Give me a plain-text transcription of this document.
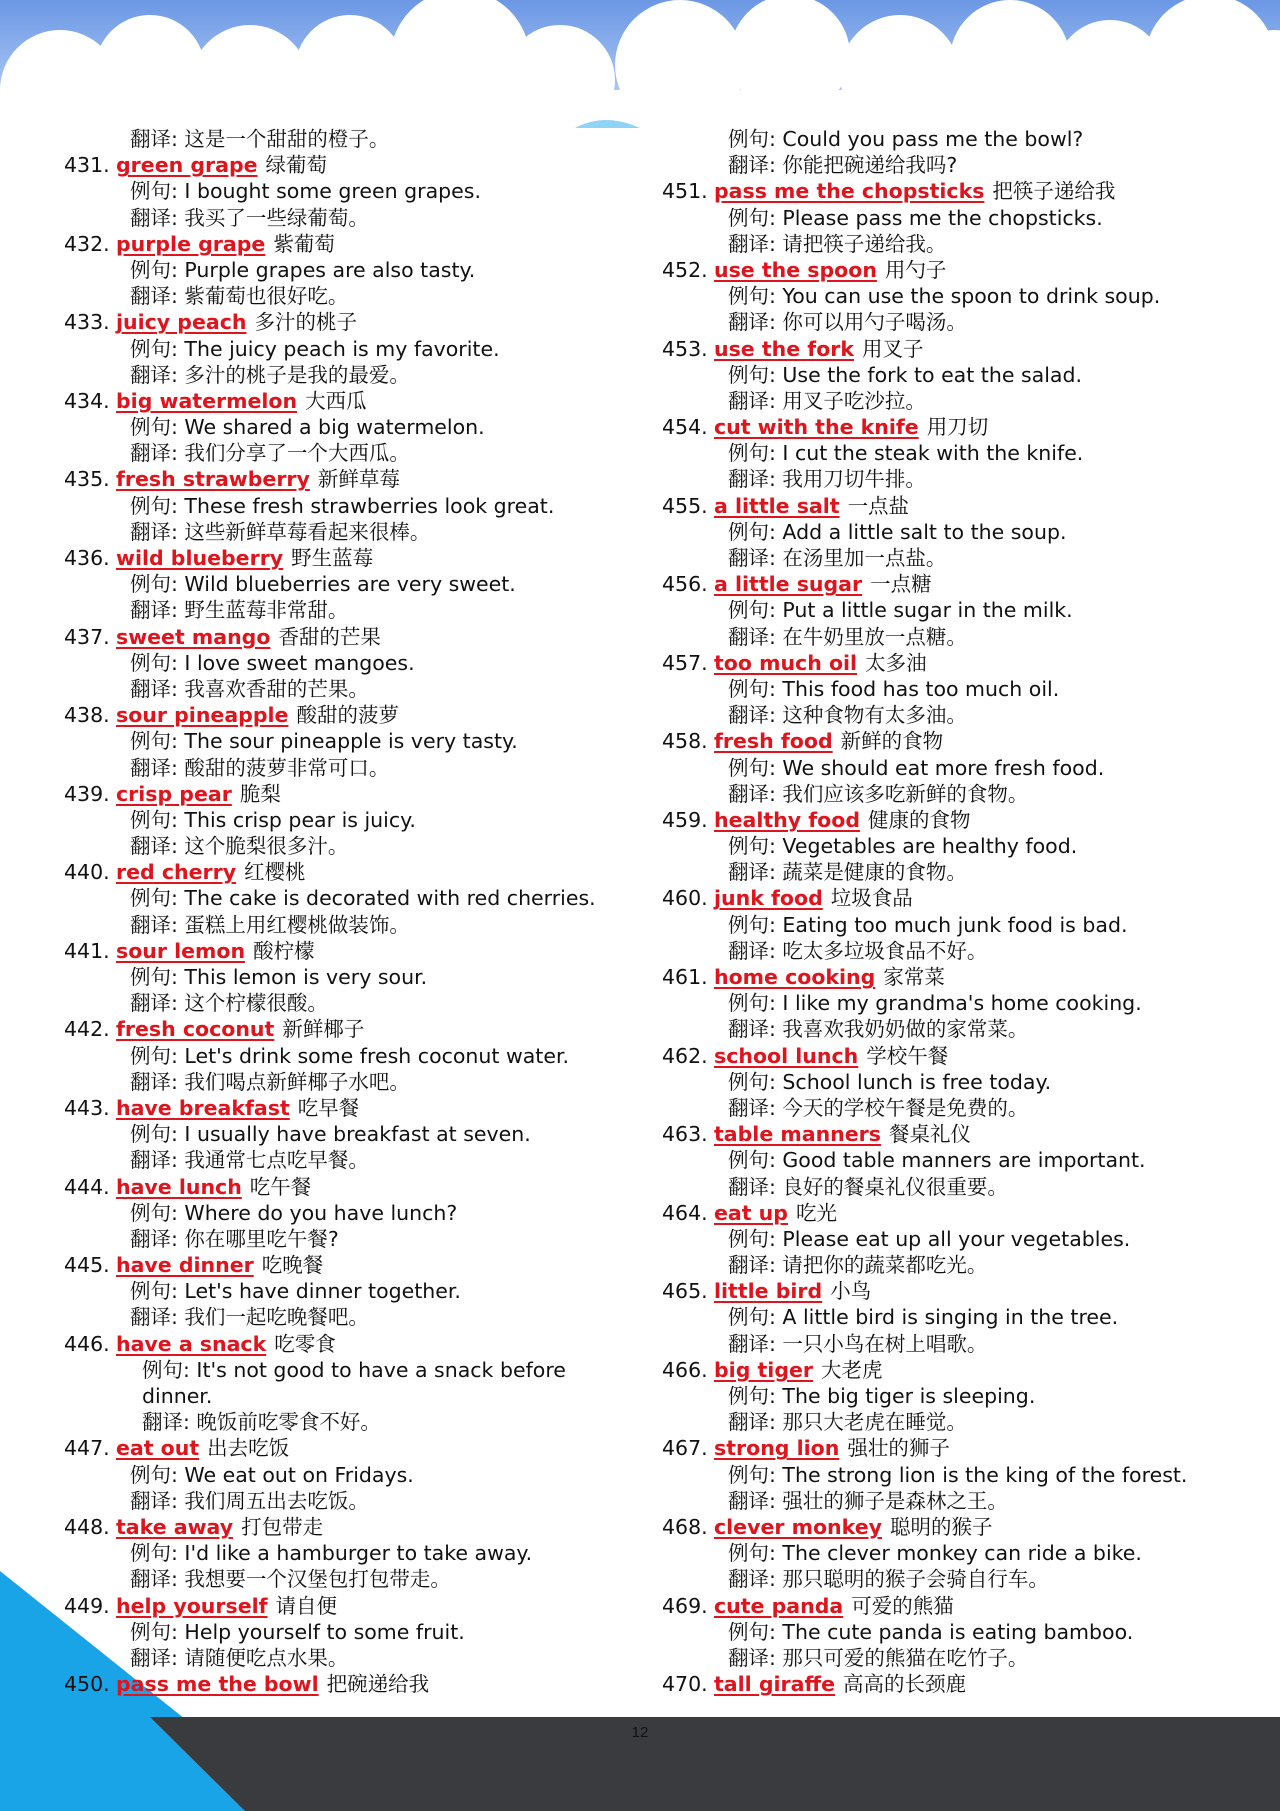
翻译: 这是一个甜甜的橙子。
431. green grape 绿葡萄
例句: I bought some green grapes.
翻译: 我买了一些绿葡萄。
432. purple grape 紫葡萄
例句: Purple grapes are also tasty.
翻译: 紫葡萄也很好吃。
433. juicy peach 多汁的桃子
例句: The juicy peach is my favorite.
翻译: 多汁的桃子是我的最爱。
434. big watermelon 大西瓜
例句: We shared a big watermelon.
翻译: 我们分享了一个大西瓜。
435. fresh strawberry 新鲜草莓
例句: These fresh strawberries look great.
翻译: 这些新鲜草莓看起来很棒。
436. wild blueberry 野生蓝莓
例句: Wild blueberries are very sweet.
翻译: 野生蓝莓非常甜。
437. sweet mango 香甜的芒果
例句: I love sweet mangoes.
翻译: 我喜欢香甜的芒果。
438. sour pineapple 酸甜的菠萝
例句: The sour pineapple is very tasty.
翻译: 酸甜的菠萝非常可口。
439. crisp pear 脆梨
例句: This crisp pear is juicy.
翻译: 这个脆梨很多汁。
440. red cherry 红樱桃
例句: The cake is decorated with red cherries.
翻译: 蛋糕上用红樱桃做装饰。
441. sour lemon 酸柠檬
例句: This lemon is very sour.
翻译: 这个柠檬很酸。
442. fresh coconut 新鲜椰子
例句: Let's drink some fresh coconut water.
翻译: 我们喝点新鲜椰子水吧。
443. have breakfast 吃早餐
例句: I usually have breakfast at seven.
翻译: 我通常七点吃早餐。
444. have lunch 吃午餐
例句: Where do you have lunch?
翻译: 你在哪里吃午餐?
445. have dinner 吃晚餐
例句: Let's have dinner together.
翻译: 我们一起吃晚餐吧。
446. have a snack 吃零食
例句: It's not good to have a snack before
dinner.
翻译: 晚饭前吃零食不好。
447. eat out 出去吃饭
例句: We eat out on Fridays.
翻译: 我们周五出去吃饭。
448. take away 打包带走
例句: I'd like a hamburger to take away.
翻译: 我想要一个汉堡包打包带走。
449. help yourself 请自便
例句: Help yourself to some fruit.
翻译: 请随便吃点水果。
450. pass me the bowl 把碗递给我
例句: Could you pass me the bowl?
翻译: 你能把碗递给我吗?
451. pass me the chopsticks 把筷子递给我
例句: Please pass me the chopsticks.
翻译: 请把筷子递给我。
452. use the spoon 用勺子
例句: You can use the spoon to drink soup.
翻译: 你可以用勺子喝汤。
453. use the fork 用叉子
例句: Use the fork to eat the salad.
翻译: 用叉子吃沙拉。
454. cut with the knife 用刀切
例句: I cut the steak with the knife.
翻译: 我用刀切牛排。
455. a little salt 一点盐
例句: Add a little salt to the soup.
翻译: 在汤里加一点盐。
456. a little sugar 一点糖
例句: Put a little sugar in the milk.
翻译: 在牛奶里放一点糖。
457. too much oil 太多油
例句: This food has too much oil.
翻译: 这种食物有太多油。
458. fresh food 新鲜的食物
例句: We should eat more fresh food.
翻译: 我们应该多吃新鲜的食物。
459. healthy food 健康的食物
例句: Vegetables are healthy food.
翻译: 蔬菜是健康的食物。
460. junk food 垃圾食品
例句: Eating too much junk food is bad.
翻译: 吃太多垃圾食品不好。
461. home cooking 家常菜
例句: I like my grandma's home cooking.
翻译: 我喜欢我奶奶做的家常菜。
462. school lunch 学校午餐
例句: School lunch is free today.
翻译: 今天的学校午餐是免费的。
463. table manners 餐桌礼仪
例句: Good table manners are important.
翻译: 良好的餐桌礼仪很重要。
464. eat up 吃光
例句: Please eat up all your vegetables.
翻译: 请把你的蔬菜都吃光。
465. little bird 小鸟
例句: A little bird is singing in the tree.
翻译: 一只小鸟在树上唱歌。
466. big tiger 大老虎
例句: The big tiger is sleeping.
翻译: 那只大老虎在睡觉。
467. strong lion 强壮的狮子
例句: The strong lion is the king of the forest.
翻译: 强壮的狮子是森林之王。
468. clever monkey 聪明的猴子
例句: The clever monkey can ride a bike.
翻译: 那只聪明的猴子会骑自行车。
469. cute panda 可爱的熊猫
例句: The cute panda is eating bamboo.
翻译: 那只可爱的熊猫在吃竹子。
470. tall giraffe 高高的长颈鹿
12
